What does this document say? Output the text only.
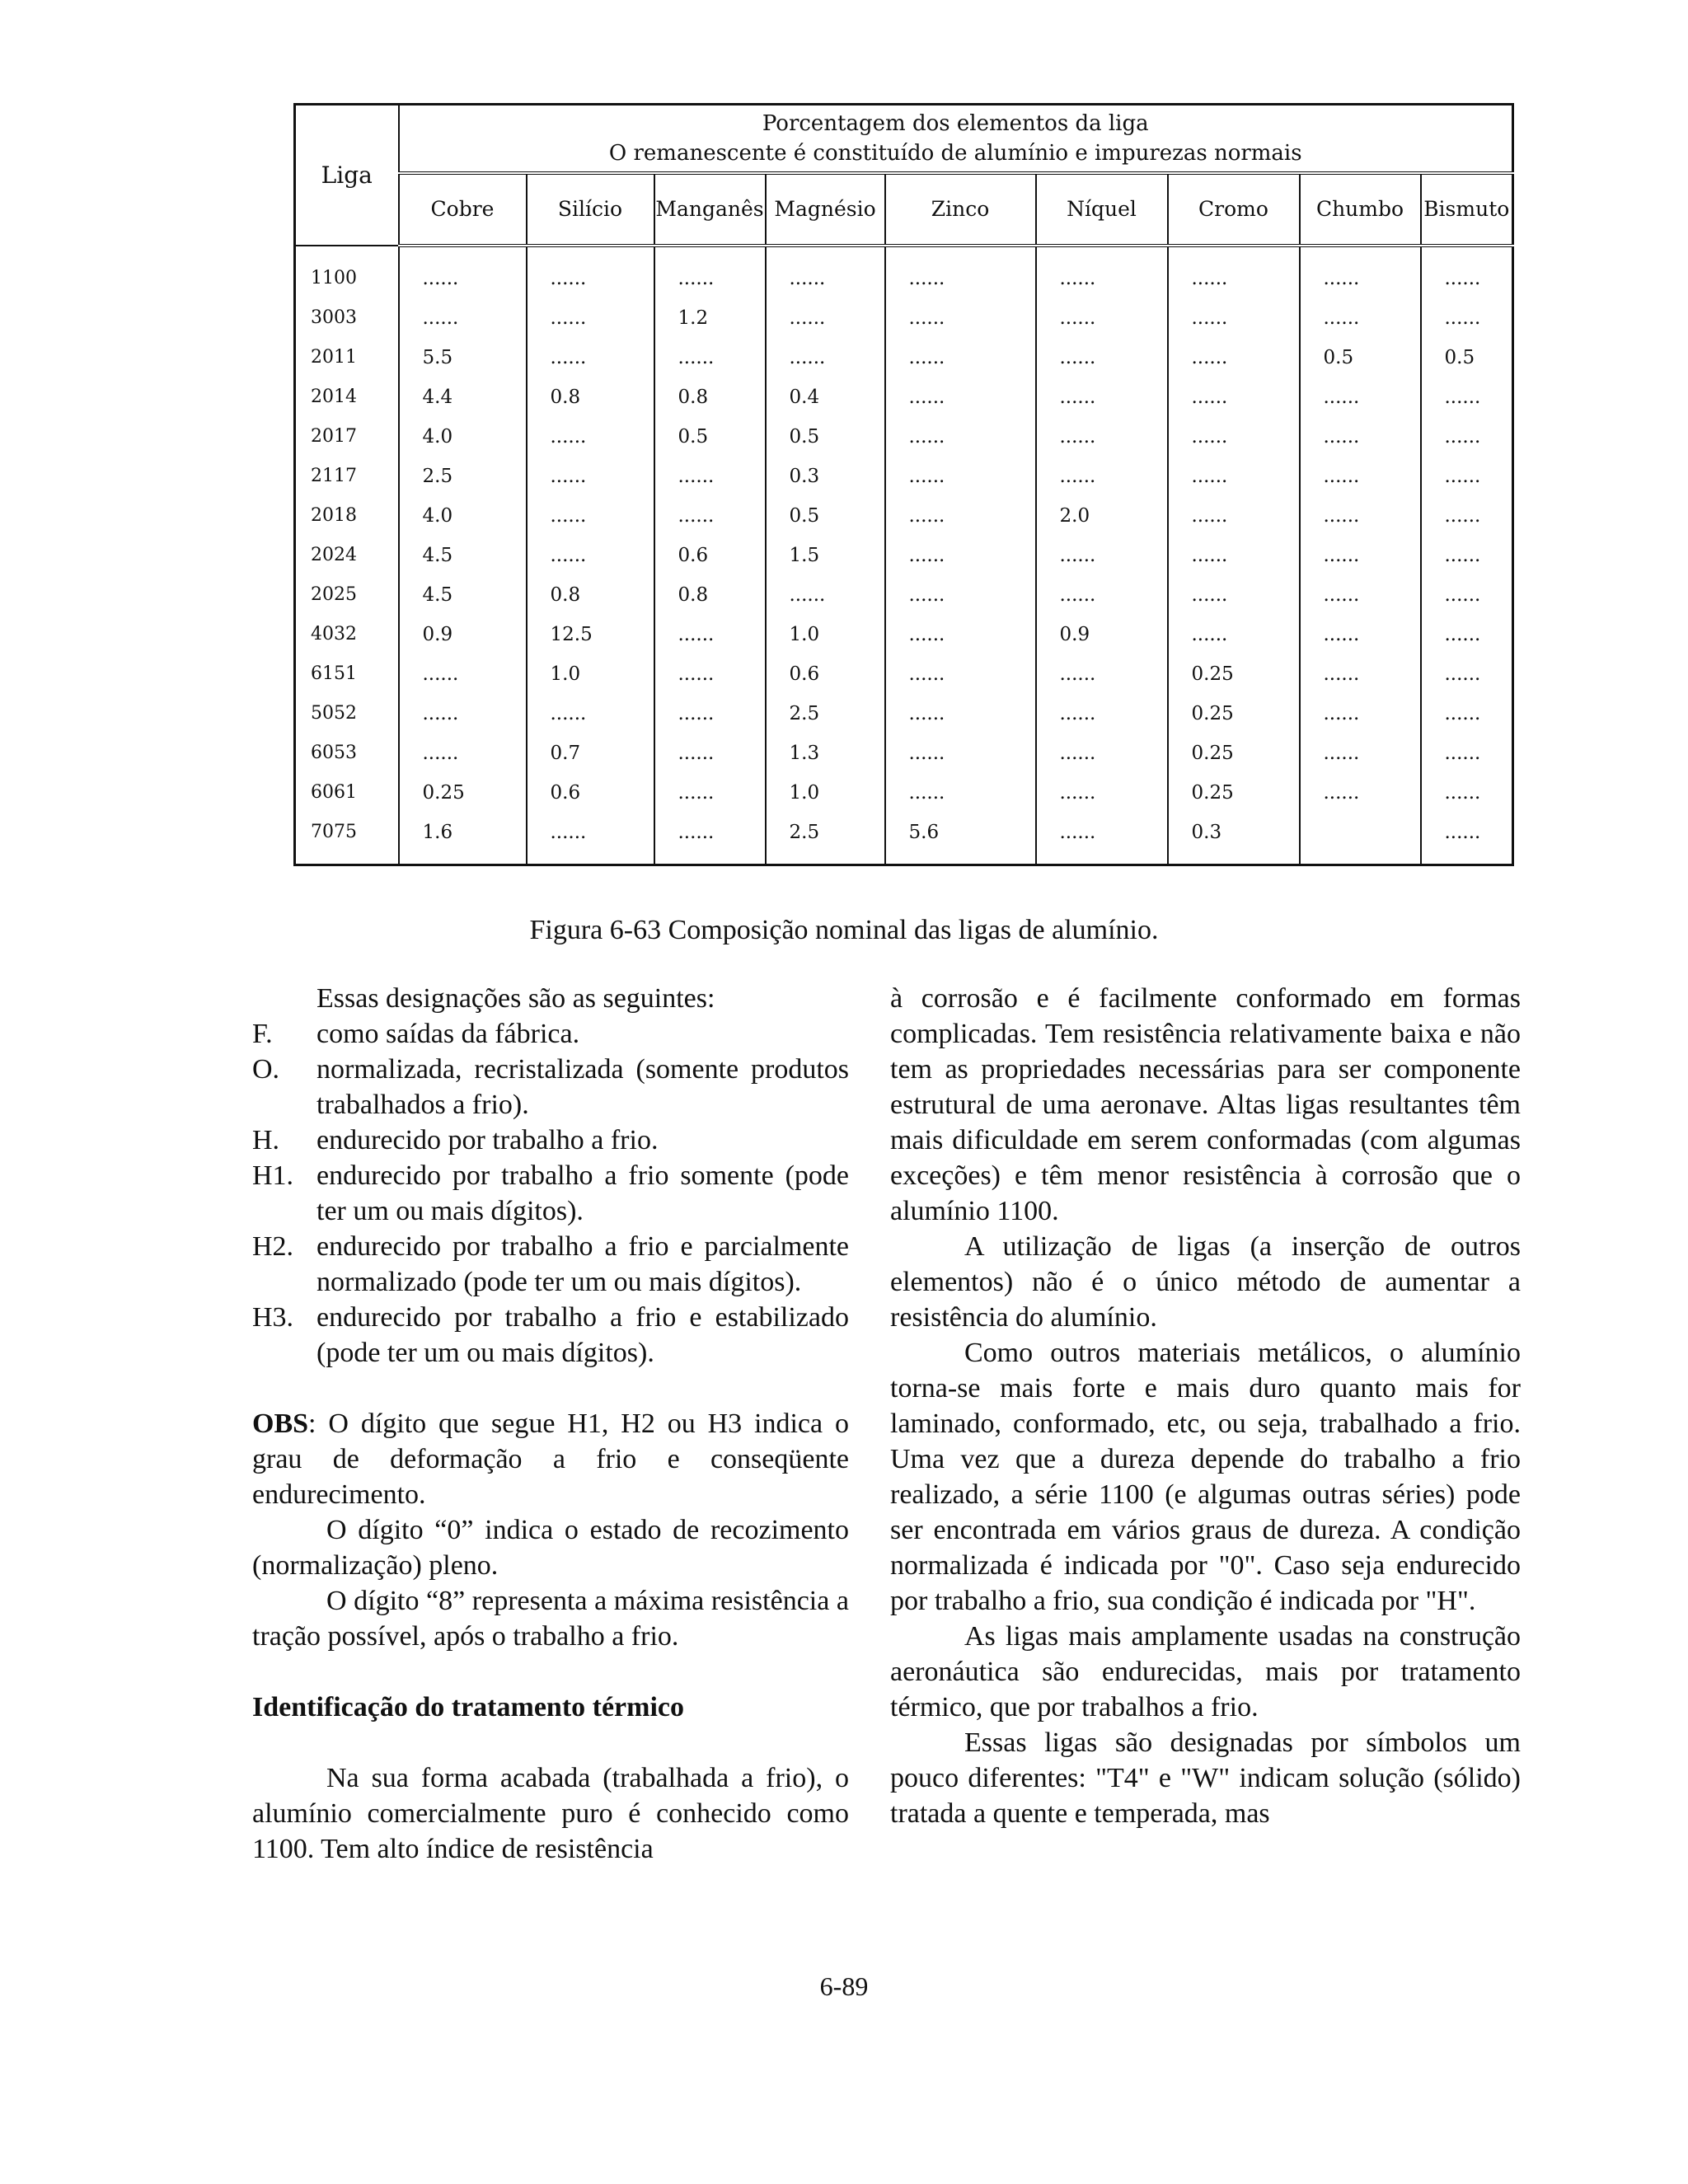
Liga	Porcentagem dos elementos da liga
O remanescente é constituído de alumínio e impurezas normais								

	Cobre	Silício	Manganês	Magnésio	Zinco	Níquel	Cromo	Chumbo	Bismuto
1100	......	......	......	......	......	......	......	......	......
3003	......	......	1.2	......	......	......	......	......	......
2011	5.5	......	......	......	......	......	......	0.5	0.5
2014	4.4	0.8	0.8	0.4	......	......	......	......	......
2017	4.0	......	0.5	0.5	......	......	......	......	......
2117	2.5	......	......	0.3	......	......	......	......	......
2018	4.0	......	......	0.5	......	2.0	......	......	......
2024	4.5	......	0.6	1.5	......	......	......	......	......
2025	4.5	0.8	0.8	......	......	......	......	......	......
4032	0.9	12.5	......	1.0	......	0.9	......	......	......
6151	......	1.0	......	0.6	......	......	0.25	......	......
5052	......	......	......	2.5	......	......	0.25	......	......
6053	......	0.7	......	1.3	......	......	0.25	......	......
6061	0.25	0.6	......	1.0	......	......	0.25	......	......
7075	1.6	......	......	2.5	5.6	......	0.3		......
Figura 6-63 Composição nominal das ligas de alumínio.

Essas designações são as seguintes:

F.	como saídas da fábrica.
O.	normalizada, recristalizada (somente produtos trabalhados a frio).
H.	endurecido por trabalho a frio.
H1. endurecido por trabalho a frio somente (pode ter um ou mais dígitos).
H2. endurecido por trabalho a frio e parcialmente normalizado (pode ter um ou mais dígitos).
H3. endurecido por trabalho a frio e estabilizado (pode ter um ou mais dígitos).

OBS: O dígito que segue H1, H2 ou H3 indica o grau de deformação a frio e conseqüente endurecimento.

O dígito “0” indica o estado de recozimento (normalização) pleno.

O dígito “8” representa a máxima resistência a tração possível, após o trabalho a frio.

Identificação do tratamento térmico

Na sua forma acabada (trabalhada a frio), o alumínio comercialmente puro é conhecido como 1100. Tem alto índice de resistência

à corrosão e é facilmente conformado em formas complicadas. Tem resistência relativamente baixa e não tem as propriedades necessárias para ser componente estrutural de uma aeronave. Altas ligas resultantes têm mais dificuldade em serem conformadas (com algumas exceções) e têm menor resistência à corrosão que o alumínio 1100.

A utilização de ligas (a inserção de outros elementos) não é o único método de aumentar a resistência do alumínio.

Como outros materiais metálicos, o alumínio torna-se mais forte e mais duro quanto mais for laminado, conformado, etc, ou seja, trabalhado a frio. Uma vez que a dureza depende do trabalho a frio realizado, a série 1100 (e algumas outras séries) pode ser encontrada em vários graus de dureza. A condição normalizada é indicada por "0". Caso seja endurecido por trabalho a frio, sua condição é indicada por "H".

As ligas mais amplamente usadas na construção aeronáutica são endurecidas, mais por tratamento térmico, que por trabalhos a frio.

Essas ligas são designadas por símbolos um pouco diferentes: "T4" e "W" indicam solução (sólido) tratada a quente e temperada, mas

6-89
